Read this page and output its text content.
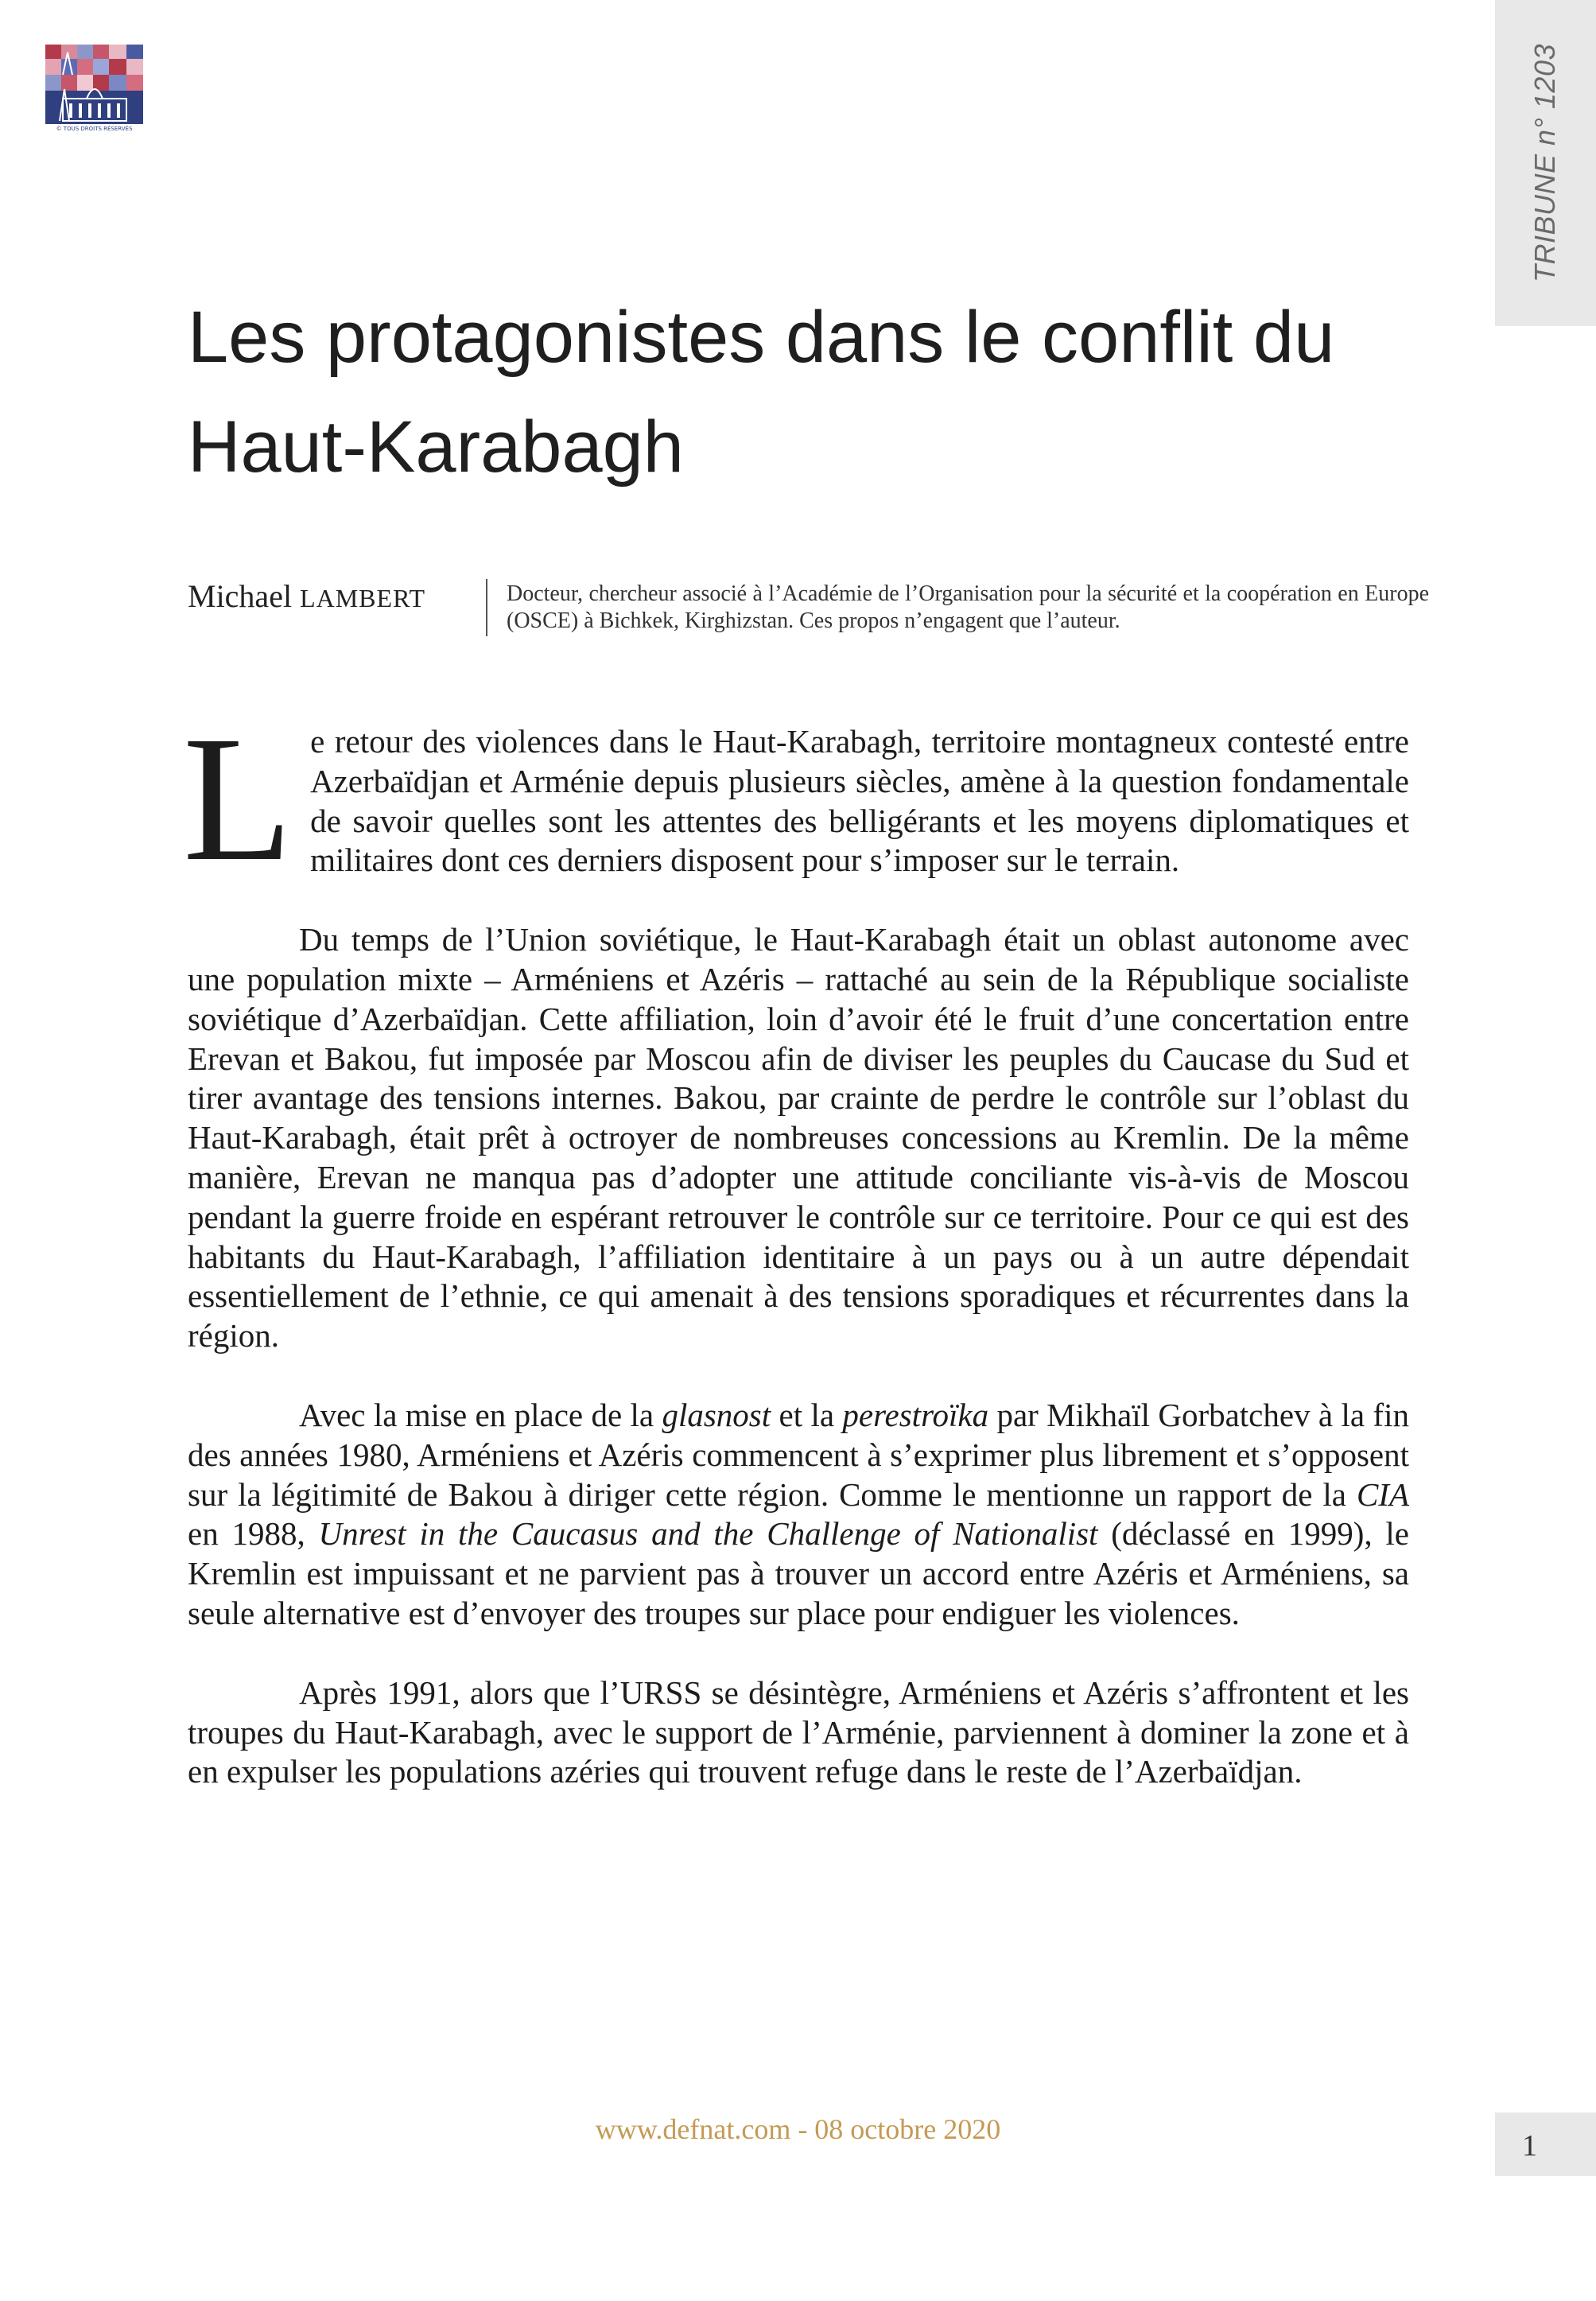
© TOUS DROITS RÉSERVÉS	TRIBUNE n° 1203
Les protagonistes dans le conflit du Haut-Karabagh
Michael LAMBERT	Docteur, chercheur associé à l’Académie de l’Organisation pour la sécurité et la coopération en Europe (OSCE) à Bichkek, Kirghizstan. Ces propos n’engagent que l’auteur.

Le retour des violences dans le Haut-Karabagh, territoire montagneux contesté entre Azerbaïdjan et Arménie depuis plusieurs siècles, amène à la question fondamentale de savoir quelles sont les attentes des belligérants et les moyens diplomatiques et militaires dont ces derniers disposent pour s’imposer sur le terrain.

Du temps de l’Union soviétique, le Haut-Karabagh était un oblast autonome avec une population mixte – Arméniens et Azéris – rattaché au sein de la République socialiste soviétique d’Azerbaïdjan. Cette affiliation, loin d’avoir été le fruit d’une concertation entre Erevan et Bakou, fut imposée par Moscou afin de diviser les peuples du Caucase du Sud et tirer avantage des tensions internes. Bakou, par crainte de perdre le contrôle sur l’oblast du Haut-Karabagh, était prêt à octroyer de nombreuses concessions au Kremlin. De la même manière, Erevan ne manqua pas d’adopter une attitude conciliante vis-à-vis de Moscou pendant la guerre froide en espérant retrouver le contrôle sur ce territoire. Pour ce qui est des habitants du Haut-Karabagh, l’affiliation identitaire à un pays ou à un autre dépendait essentiellement de l’ethnie, ce qui amenait à des tensions sporadiques et récurrentes dans la région.

Avec la mise en place de la glasnost et la perestroïka par Mikhaïl Gorbatchev à la fin des années 1980, Arméniens et Azéris commencent à s’exprimer plus librement et s’opposent sur la légitimité de Bakou à diriger cette région. Comme le mentionne un rapport de la CIA en 1988, Unrest in the Caucasus and the Challenge of Nationalist (déclassé en 1999), le Kremlin est impuissant et ne parvient pas à trouver un accord entre Azéris et Arméniens, sa seule alternative est d’envoyer des troupes sur place pour endiguer les violences.

Après 1991, alors que l’URSS se désintègre, Arméniens et Azéris s’affrontent et les troupes du Haut-Karabagh, avec le support de l’Arménie, parviennent à dominer la zone et à en expulser les populations azéries qui trouvent refuge dans le reste de l’Azerbaïdjan.

www.defnat.com - 08 octobre 2020	1
